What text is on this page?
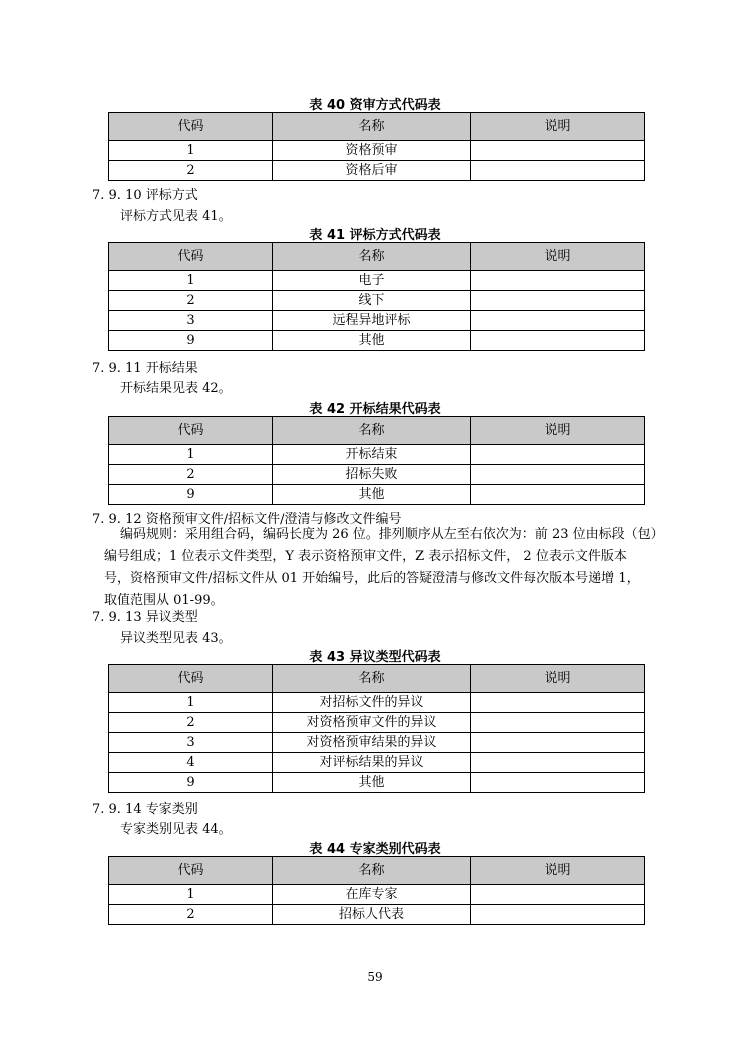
表 40 资审方式代码表
代码	名称	说明
1	资格预审	
2	资格后审	
7. 9. 10 评标方式
评标方式见表 41。
表 41 评标方式代码表
代码	名称	说明
1	电子	
2	线下	
3	远程异地评标	
9	其他	
7. 9. 11 开标结果
开标结果见表 42。
表 42 开标结果代码表
代码	名称	说明
1	开标结束	
2	招标失败	
9	其他	
7. 9. 12 资格预审文件/招标文件/澄清与修改文件编号
编码规则：采用组合码，编码长度为 26 位。排列顺序从左至右依次为：前 23 位由标段（包）
编号组成；1 位表示文件类型，Y 表示资格预审文件，Z 表示招标文件， 2 位表示文件版本
号，资格预审文件/招标文件从 01 开始编号，此后的答疑澄清与修改文件每次版本号递增 1，
取值范围从 01-99。
7. 9. 13 异议类型
异议类型见表 43。
表 43 异议类型代码表
代码	名称	说明
1	对招标文件的异议	
2	对资格预审文件的异议	
3	对资格预审结果的异议	
4	对评标结果的异议	
9	其他	
7. 9. 14 专家类别
专家类别见表 44。
表 44 专家类别代码表
代码	名称	说明
1	在库专家	
2	招标人代表	
59
